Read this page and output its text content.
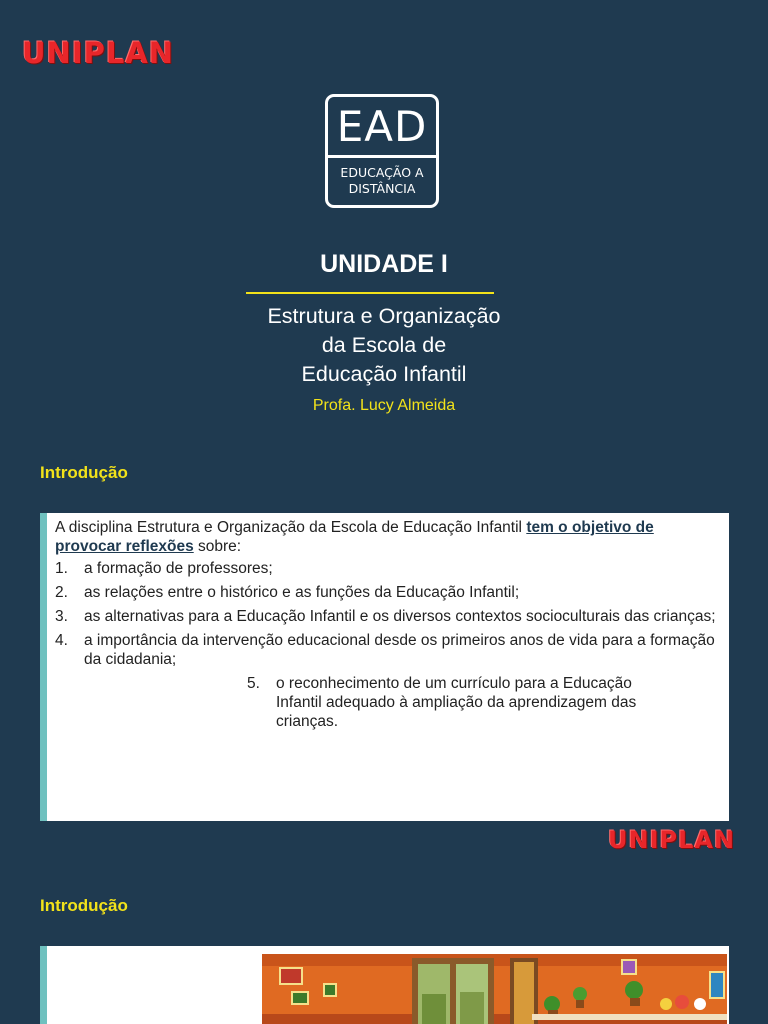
UNIPLAN
EAD
EDUCAÇÃO A
DISTÂNCIA
UNIDADE I
Estrutura e Organização
da Escola de
Educação Infantil
Profa. Lucy Almeida
Introdução
A disciplina Estrutura e Organização da Escola de Educação Infantil tem o objetivo de provocar reflexões sobre:
1. a formação de professores;
2. as relações entre o histórico e as funções da Educação Infantil;
3. as alternativas para a Educação Infantil e os diversos contextos socioculturais das crianças;
4. a importância da intervenção educacional desde os primeiros anos de vida para a formação da cidadania;
5. o reconhecimento de um currículo para a Educação Infantil adequado à ampliação da aprendizagem das crianças.
UNIPLAN
Introdução
